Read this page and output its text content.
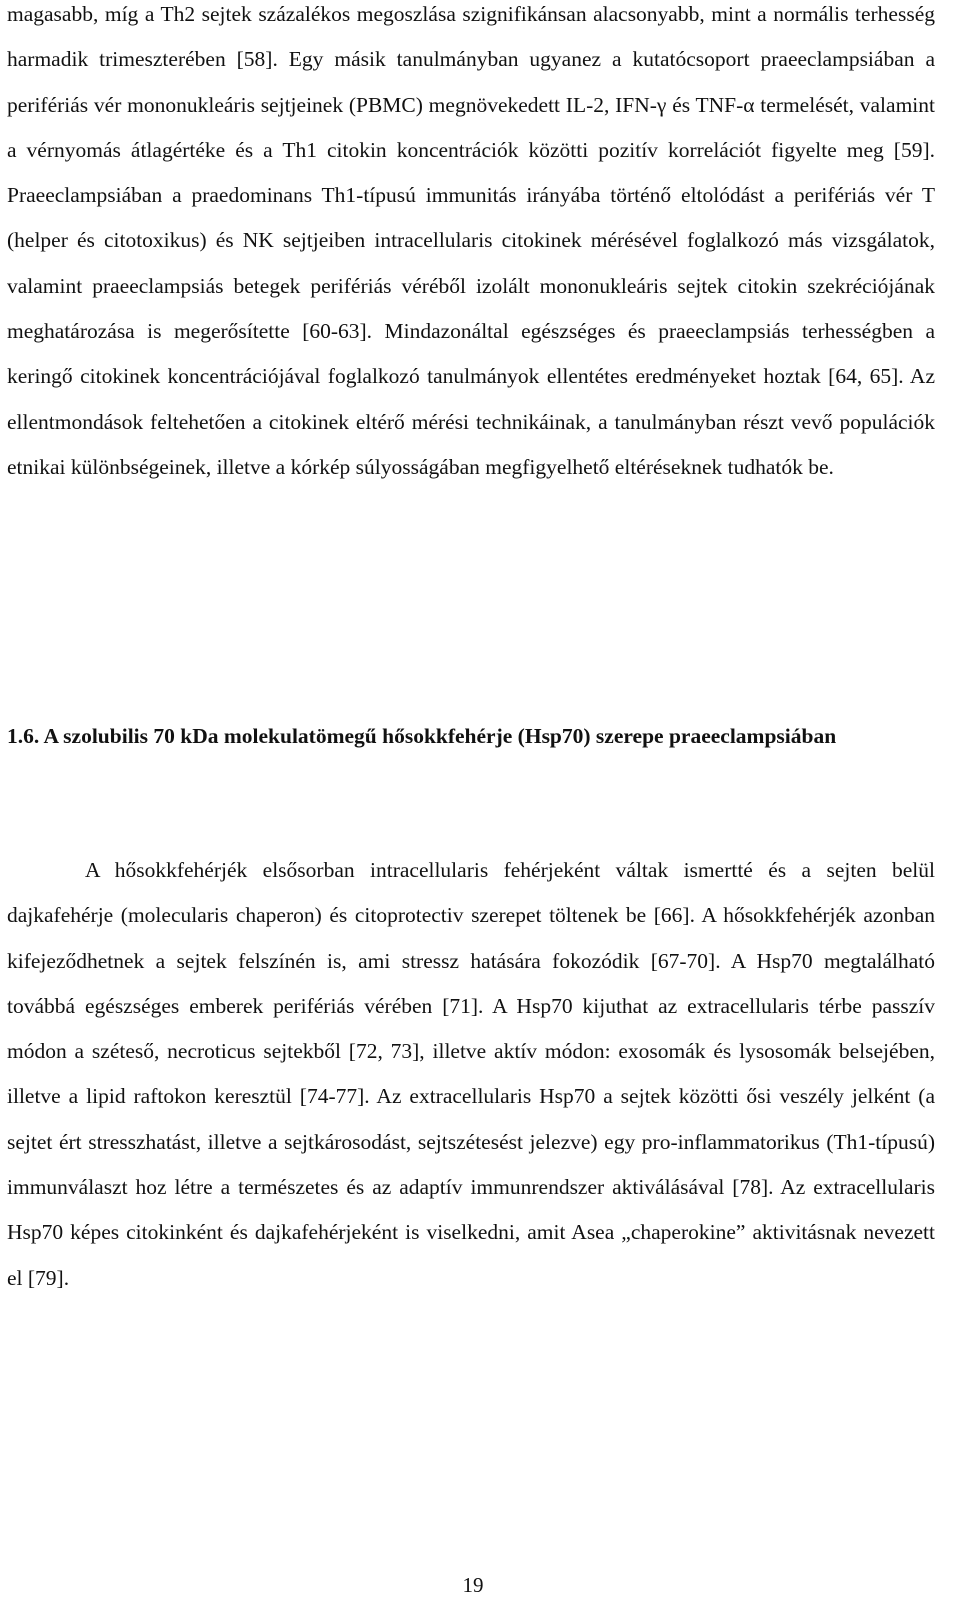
magasabb, míg a Th2 sejtek százalékos megoszlása szignifikánsan alacsonyabb, mint a normális terhesség harmadik trimeszterében [58]. Egy másik tanulmányban ugyanez a kutatócsoport praeeclampsiában a perifériás vér mononukleáris sejtjeinek (PBMC) megnövekedett IL-2, IFN-γ és TNF-α termelését, valamint a vérnyomás átlagértéke és a Th1 citokin koncentrációk közötti pozitív korrelációt figyelte meg [59]. Praeeclampsiában a praedominans Th1-típusú immunitás irányába történő eltolódást a perifériás vér T (helper és citotoxikus) és NK sejtjeiben intracellularis citokinek mérésével foglalkozó más vizsgálatok, valamint praeeclampsiás betegek perifériás véréből izolált mononukleáris sejtek citokin szekréciójának meghatározása is megerősítette [60-63]. Mindazonáltal egészséges és praeeclampsiás terhességben a keringő citokinek koncentrációjával foglalkozó tanulmányok ellentétes eredményeket hoztak [64, 65]. Az ellentmondások feltehetően a citokinek eltérő mérési technikáinak, a tanulmányban részt vevő populációk etnikai különbségeinek, illetve a kórkép súlyosságában megfigyelhető eltéréseknek tudhatók be.

1.6. A szolubilis 70 kDa molekulatömegű hősokkfehérje (Hsp70) szerepe praeeclampsiában

A hősokkfehérjék elsősorban intracellularis fehérjeként váltak ismertté és a sejten belül dajkafehérje (molecularis chaperon) és citoprotectiv szerepet töltenek be [66]. A hősokkfehérjék azonban kifejeződhetnek a sejtek felszínén is, ami stressz hatására fokozódik [67-70]. A Hsp70 megtalálható továbbá egészséges emberek perifériás vérében [71]. A Hsp70 kijuthat az extracellularis térbe passzív módon a széteső, necroticus sejtekből [72, 73], illetve aktív módon: exosomák és lysosomák belsejében, illetve a lipid raftokon keresztül [74-77]. Az extracellularis Hsp70 a sejtek közötti ősi veszély jelként (a sejtet ért stresszhatást, illetve a sejtkárosodást, sejtszétesést jelezve) egy pro-inflammatorikus (Th1-típusú) immunválaszt hoz létre a természetes és az adaptív immunrendszer aktiválásával [78]. Az extracellularis Hsp70 képes citokinként és dajkafehérjeként is viselkedni, amit Asea „chaperokine” aktivitásnak nevezett el [79].

19
